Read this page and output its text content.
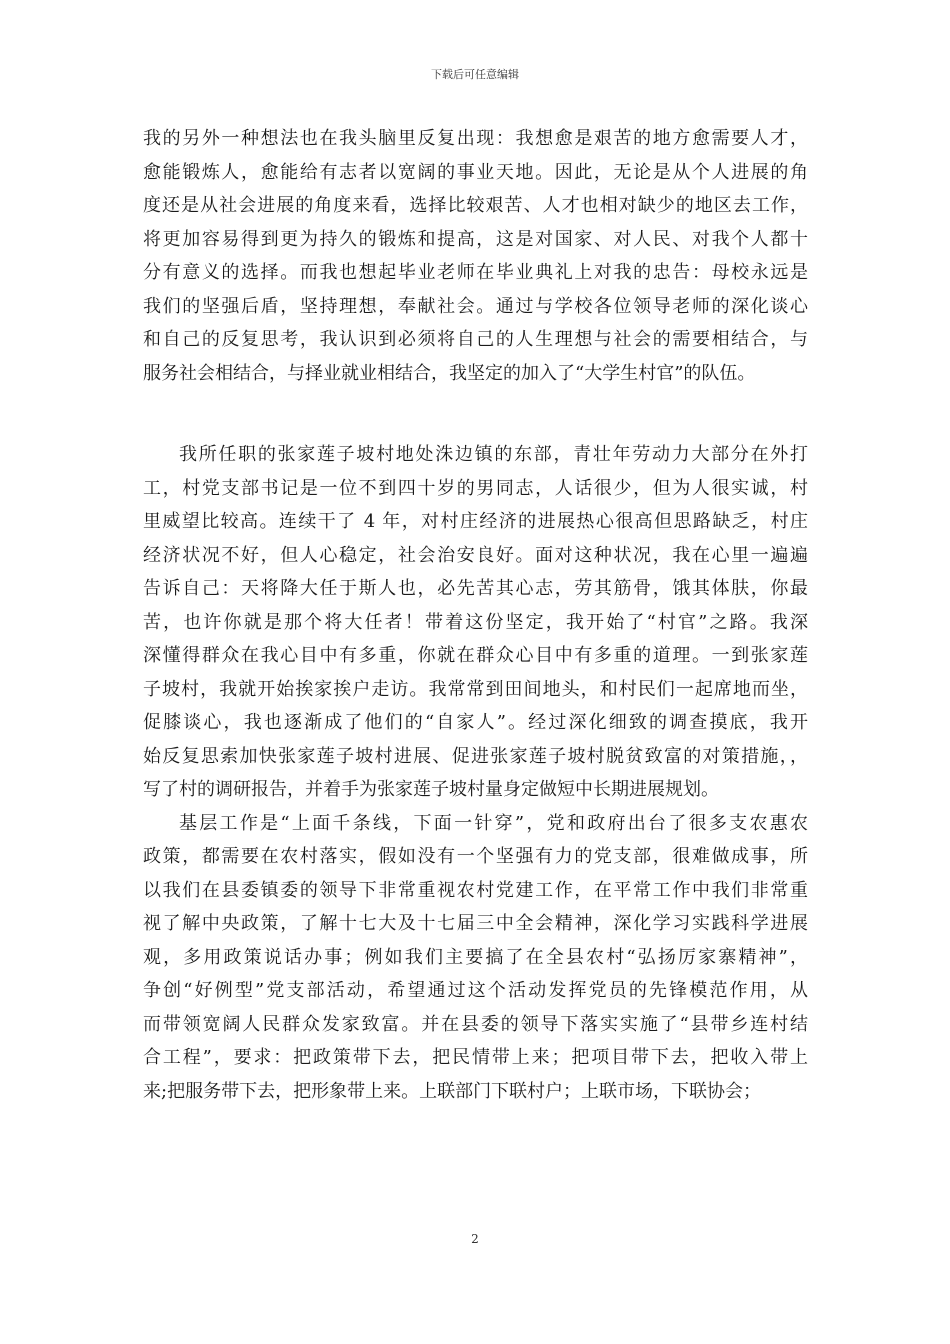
下载后可任意编辑
我的另外一种想法也在我头脑里反复出现：我想愈是艰苦的地方愈需要人才，
愈能锻炼人，愈能给有志者以宽阔的事业天地。因此，无论是从个人进展的角
度还是从社会进展的角度来看，选择比较艰苦、人才也相对缺少的地区去工作，
将更加容易得到更为持久的锻炼和提高，这是对国家、对人民、对我个人都十
分有意义的选择。而我也想起毕业老师在毕业典礼上对我的忠告：母校永远是
我们的坚强后盾，坚持理想，奉献社会。通过与学校各位领导老师的深化谈心
和自己的反复思考，我认识到必须将自己的人生理想与社会的需要相结合，与
服务社会相结合，与择业就业相结合，我坚定的加入了“大学生村官”的队伍。
我所任职的张家莲子坡村地处洙边镇的东部，青壮年劳动力大部分在外打
工，村党支部书记是一位不到四十岁的男同志，人话很少，但为人很实诚，村
里威望比较高。连续干了 4 年，对村庄经济的进展热心很高但思路缺乏，村庄
经济状况不好，但人心稳定，社会治安良好。面对这种状况，我在心里一遍遍
告诉自己：天将降大任于斯人也，必先苦其心志，劳其筋骨，饿其体肤，你最
苦，也许你就是那个将大任者！带着这份坚定，我开始了“村官”之路。我深
深懂得群众在我心目中有多重，你就在群众心目中有多重的道理。一到张家莲
子坡村，我就开始挨家挨户走访。我常常到田间地头，和村民们一起席地而坐，
促膝谈心，我也逐渐成了他们的“自家人”。经过深化细致的调查摸底，我开
始反复思索加快张家莲子坡村进展、促进张家莲子坡村脱贫致富的对策措施，，
写了村的调研报告，并着手为张家莲子坡村量身定做短中长期进展规划。
基层工作是“上面千条线，下面一针穿”，党和政府出台了很多支农惠农
政策，都需要在农村落实，假如没有一个坚强有力的党支部，很难做成事，所
以我们在县委镇委的领导下非常重视农村党建工作，在平常工作中我们非常重
视了解中央政策，了解十七大及十七届三中全会精神，深化学习实践科学进展
观，多用政策说话办事；例如我们主要搞了在全县农村“弘扬厉家寨精神”，
争创“好例型”党支部活动，希望通过这个活动发挥党员的先锋模范作用，从
而带领宽阔人民群众发家致富。并在县委的领导下落实实施了“县带乡连村结
合工程”，要求：把政策带下去，把民情带上来；把项目带下去，把收入带上
来;把服务带下去，把形象带上来。上联部门下联村户；上联市场，下联协会；
2
